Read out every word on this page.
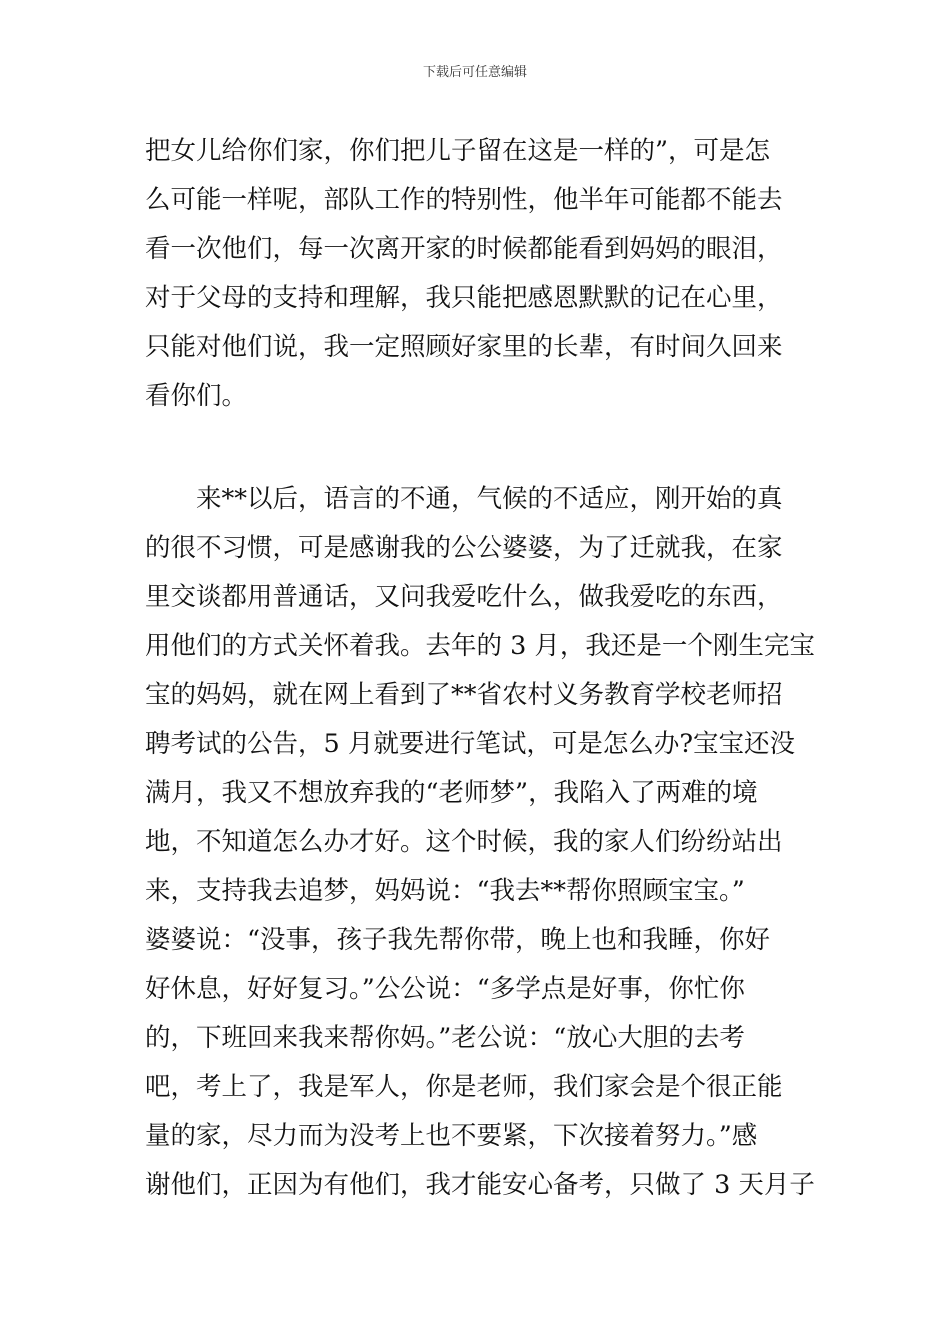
下载后可任意编辑
把女儿给你们家，你们把儿子留在这是一样的”，可是怎
么可能一样呢，部队工作的特别性，他半年可能都不能去
看一次他们，每一次离开家的时候都能看到妈妈的眼泪，
对于父母的支持和理解，我只能把感恩默默的记在心里，
只能对他们说，我一定照顾好家里的长辈，有时间久回来
看你们。
　　来**以后，语言的不通，气候的不适应，刚开始的真
的很不习惯，可是感谢我的公公婆婆，为了迁就我，在家
里交谈都用普通话，又问我爱吃什么，做我爱吃的东西，
用他们的方式关怀着我。去年的 3 月，我还是一个刚生完宝
宝的妈妈，就在网上看到了**省农村义务教育学校老师招
聘考试的公告，5 月就要进行笔试，可是怎么办?宝宝还没
满月，我又不想放弃我的“老师梦”，我陷入了两难的境
地，不知道怎么办才好。这个时候，我的家人们纷纷站出
来，支持我去追梦，妈妈说：“我去**帮你照顾宝宝。”
婆婆说：“没事，孩子我先帮你带，晚上也和我睡，你好
好休息，好好复习。”公公说：“多学点是好事，你忙你
的，下班回来我来帮你妈。”老公说：“放心大胆的去考
吧，考上了，我是军人，你是老师，我们家会是个很正能
量的家，尽力而为没考上也不要紧，下次接着努力。”感
谢他们，正因为有他们，我才能安心备考，只做了 3 天月子
